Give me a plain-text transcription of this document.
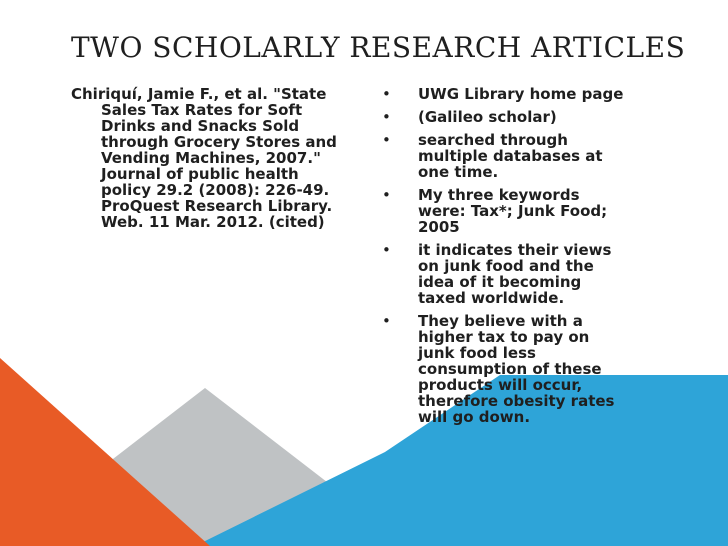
TWO SCHOLARLY RESEARCH ARTICLES

Chiriquí, Jamie F., et al. "State Sales Tax Rates for Soft Drinks and Snacks Sold through Grocery Stores and Vending Machines, 2007." Journal of public health policy 29.2 (2008): 226-49. ProQuest Research Library. Web. 11 Mar. 2012. (cited)

• UWG Library home page
• (Galileo scholar)
• searched through multiple databases at one time.
• My three keywords were: Tax*; Junk Food; 2005
• it indicates their views on junk food and the idea of it becoming taxed worldwide.
• They believe with a higher tax to pay on junk food less consumption of these products will occur, therefore obesity rates will go down.
